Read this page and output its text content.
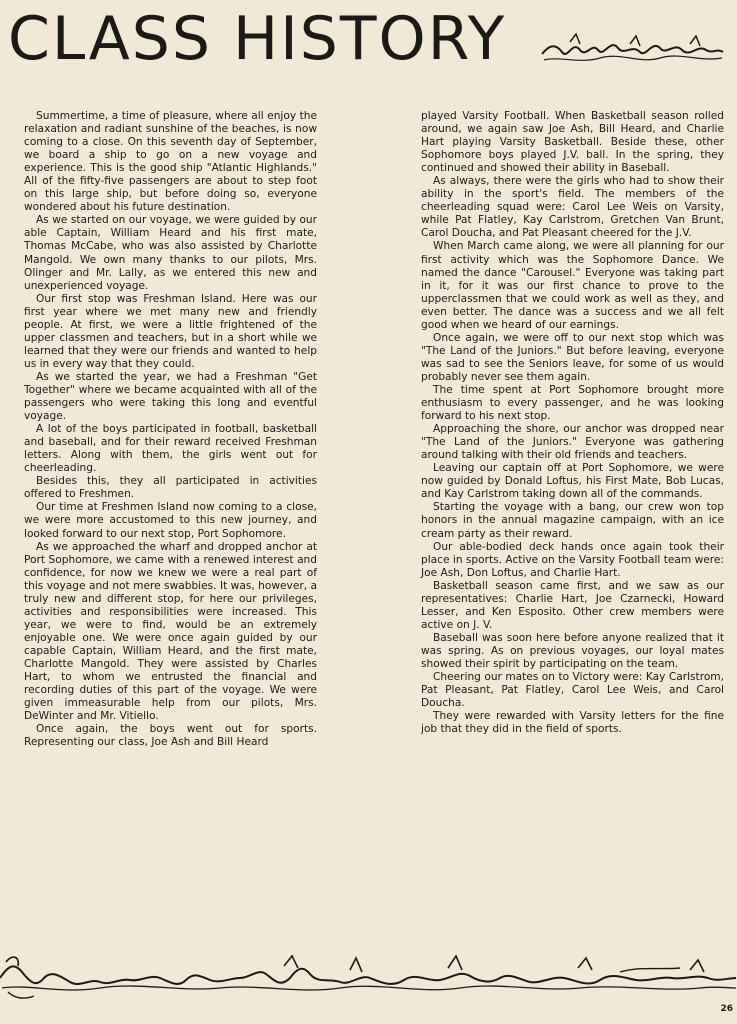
CLASS HISTORY

Summertime, a time of pleasure, where all enjoy the relaxation and radiant sunshine of the beaches, is now coming to a close. On this seventh day of September, we board a ship to go on a new voyage and experience. This is the good ship "Atlantic Highlands." All of the fifty-five passengers are about to step foot on this large ship, but before doing so, everyone wondered about his future destination.

As we started on our voyage, we were guided by our able Captain, William Heard and his first mate, Thomas McCabe, who was also assisted by Charlotte Mangold. We own many thanks to our pilots, Mrs. Olinger and Mr. Lally, as we entered this new and unexperienced voyage.

Our first stop was Freshman Island. Here was our first year where we met many new and friendly people. At first, we were a little frightened of the upper classmen and teachers, but in a short while we learned that they were our friends and wanted to help us in every way that they could.

As we started the year, we had a Freshman "Get Together" where we became acquainted with all of the passengers who were taking this long and eventful voyage.

A lot of the boys participated in football, basketball and baseball, and for their reward received Freshman letters. Along with them, the girls went out for cheerleading.

Besides this, they all participated in activities offered to Freshmen.

Our time at Freshmen Island now coming to a close, we were more accustomed to this new journey, and looked forward to our next stop, Port Sophomore.

As we approached the wharf and dropped anchor at Port Sophomore, we came with a renewed interest and confidence, for now we knew we were a real part of this voyage and not mere swabbies. It was, however, a truly new and different stop, for here our privileges, activities and responsibilities were increased. This year, we were to find, would be an extremely enjoyable one. We were once again guided by our capable Captain, William Heard, and the first mate, Charlotte Mangold. They were assisted by Charles Hart, to whom we entrusted the financial and recording duties of this part of the voyage. We were given immeasurable help from our pilots, Mrs. DeWinter and Mr. Vitiello.

Once again, the boys went out for sports. Representing our class, Joe Ash and Bill Heard

played Varsity Football. When Basketball season rolled around, we again saw Joe Ash, Bill Heard, and Charlie Hart playing Varsity Basketball. Beside these, other Sophomore boys played J.V. ball. In the spring, they continued and showed their ability in Baseball.

As always, there were the girls who had to show their ability in the sport's field. The members of the cheerleading squad were: Carol Lee Weis on Varsity, while Pat Flatley, Kay Carlstrom, Gretchen Van Brunt, Carol Doucha, and Pat Pleasant cheered for the J.V.

When March came along, we were all planning for our first activity which was the Sophomore Dance. We named the dance "Carousel." Everyone was taking part in it, for it was our first chance to prove to the upperclassmen that we could work as well as they, and even better. The dance was a success and we all felt good when we heard of our earnings.

Once again, we were off to our next stop which was "The Land of the Juniors." But before leaving, everyone was sad to see the Seniors leave, for some of us would probably never see them again.

The time spent at Port Sophomore brought more enthusiasm to every passenger, and he was looking forward to his next stop.

Approaching the shore, our anchor was dropped near "The Land of the Juniors." Everyone was gathering around talking with their old friends and teachers.

Leaving our captain off at Port Sophomore, we were now guided by Donald Loftus, his First Mate, Bob Lucas, and Kay Carlstrom taking down all of the commands.

Starting the voyage with a bang, our crew won top honors in the annual magazine campaign, with an ice cream party as their reward.

Our able-bodied deck hands once again took their place in sports. Active on the Varsity Football team were: Joe Ash, Don Loftus, and Charlie Hart.

Basketball season came first, and we saw as our representatives: Charlie Hart, Joe Czarnecki, Howard Lesser, and Ken Esposito. Other crew members were active on J. V.

Baseball was soon here before anyone realized that it was spring. As on previous voyages, our loyal mates showed their spirit by participating on the team.

Cheering our mates on to Victory were: Kay Carlstrom, Pat Pleasant, Pat Flatley, Carol Lee Weis, and Carol Doucha.

They were rewarded with Varsity letters for the fine job that they did in the field of sports.

26
